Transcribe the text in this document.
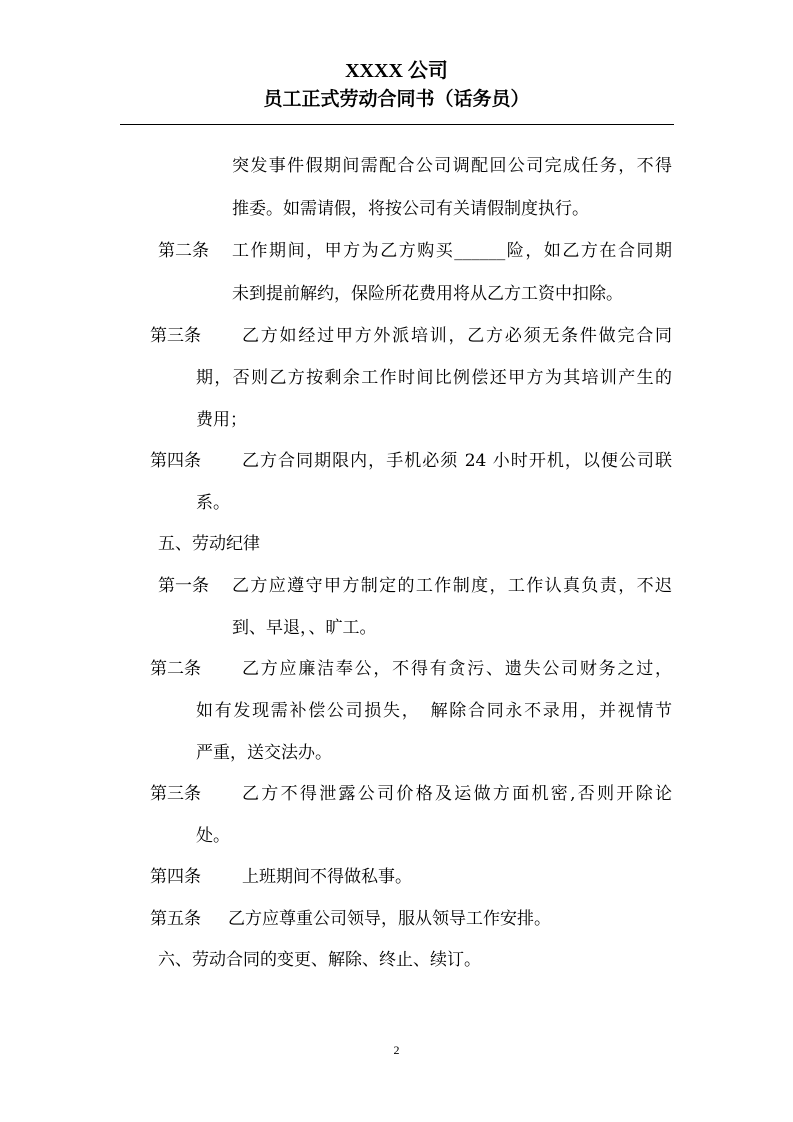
XXXX 公司
员工正式劳动合同书（话务员）
突发事件假期间需配合公司调配回公司完成任务，不得
推委。如需请假，将按公司有关请假制度执行。
第二条 工作期间，甲方为乙方购买______险，如乙方在合同期
未到提前解约，保险所花费用将从乙方工资中扣除。
第三条 乙方如经过甲方外派培训，乙方必须无条件做完合同
期，否则乙方按剩余工作时间比例偿还甲方为其培训产生的
费用；
第四条 乙方合同期限内，手机必须 24 小时开机，以便公司联
系。
五、劳动纪律
第一条 乙方应遵守甲方制定的工作制度，工作认真负责，不迟
到、早退，、旷工。
第二条 乙方应廉洁奉公，不得有贪污、遗失公司财务之过，
如有发现需补偿公司损失，　解除合同永不录用，并视情节
严重，送交法办。
第三条 乙方不得泄露公司价格及运做方面机密,否则开除论
处。
第四条 上班期间不得做私事。
第五条 乙方应尊重公司领导，服从领导工作安排。
六、劳动合同的变更、解除、终止、续订。
2
